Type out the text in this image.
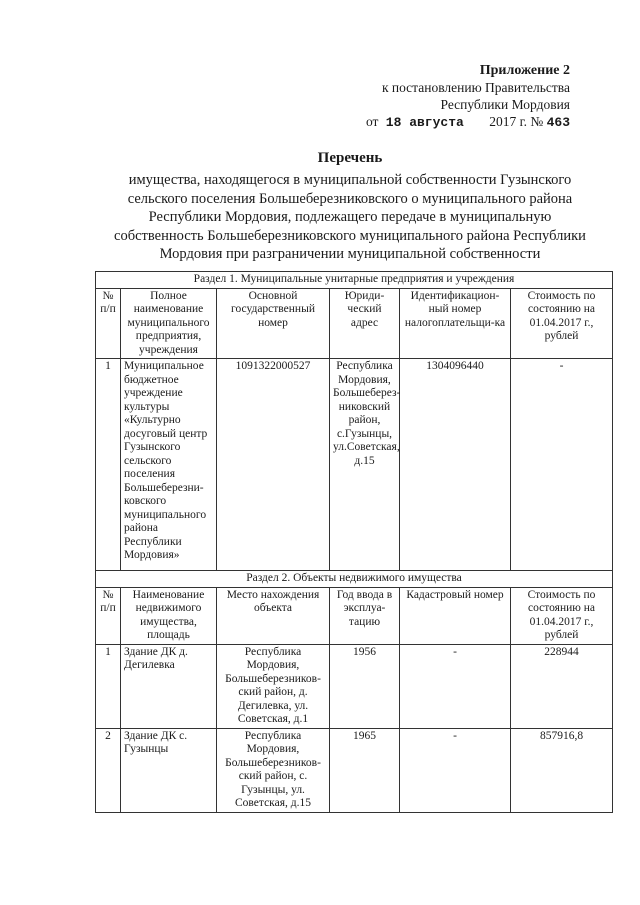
Приложение 2
к постановлению Правительства
Республики Мордовия
от 18 августа 2017 г. № 463
Перечень
имущества, находящегося в муниципальной собственности Гузынского
сельского поселения Большеберезниковского о муниципального района
Республики Мордовия, подлежащего передаче в муниципальную
собственность Большеберезниковского муниципального района Республики
Мордовия при разграничении муниципальной собственности
Раздел 1. Муниципальные унитарные предприятия и учреждения					
№ п/п	Полное наименование муниципального предприятия, учреждения	Основной государственный номер	Юриди-ческий адрес	Идентификацион-ный номер налогоплательщи-ка	Стоимость по состоянию на 01.04.2017 г., рублей
1	Муниципальное бюджетное учреждение культуры «Культурно досуговый центр Гузынского сельского поселения Большеберезни-ковского муниципального района Республики Мордовия»	1091322000527	Республика Мордовия, Большеберез-никовский район, с.Гузынцы, ул.Советская, д.15	1304096440	-
Раздел 2. Объекты недвижимого имущества					
№ п/п	Наименование недвижимого имущества, площадь	Место нахождения объекта	Год ввода в эксплуа-тацию	Кадастровый номер	Стоимость по состоянию на 01.04.2017 г., рублей
1	Здание ДК д. Дегилевка	Республика Мордовия, Большеберезников-ский район, д. Дегилевка, ул. Советская, д.1	1956	-	228944
2	Здание ДК с. Гузынцы	Республика Мордовия, Большеберезников-ский район, с. Гузынцы, ул. Советская, д.15	1965	-	857916,8
